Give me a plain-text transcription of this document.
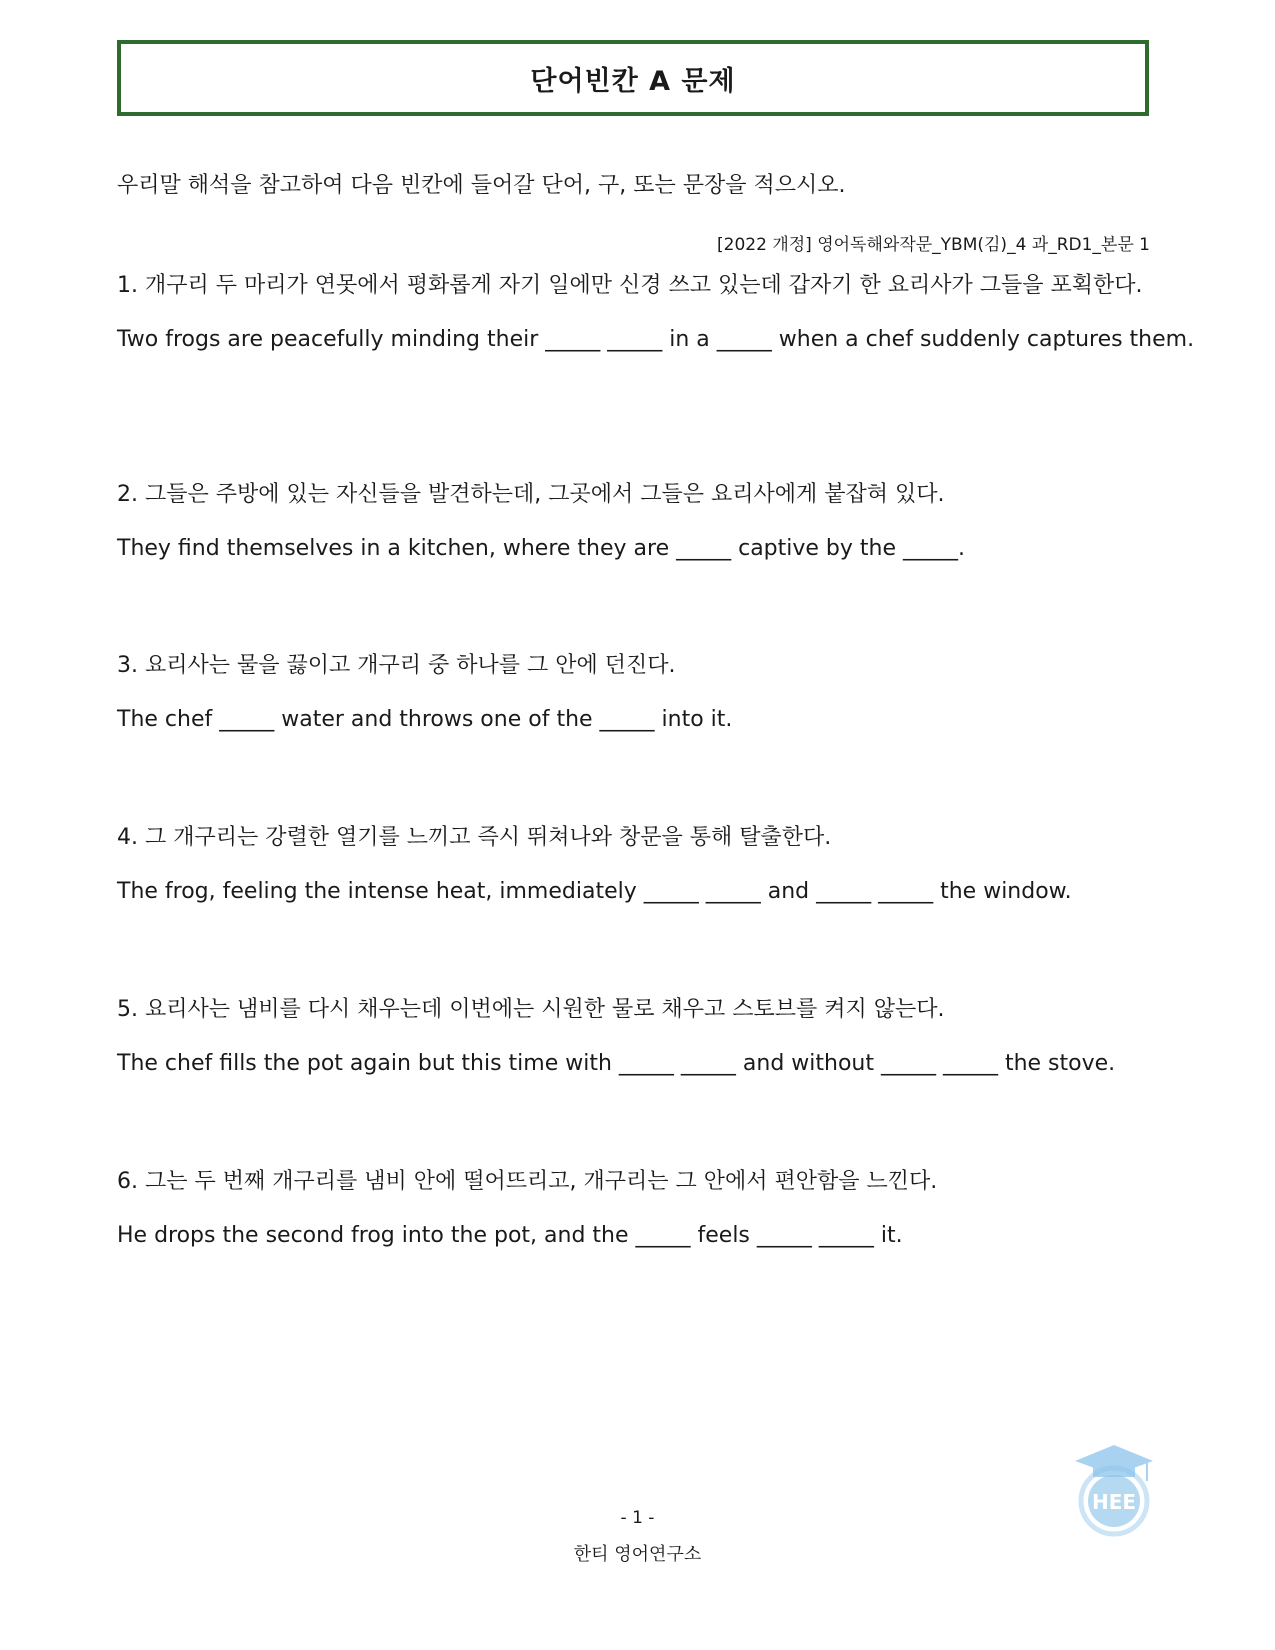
단어빈칸 A 문제
우리말 해석을 참고하여 다음 빈칸에 들어갈 단어, 구, 또는 문장을 적으시오.
[2022 개정] 영어독해와작문_YBM(김)_4 과_RD1_본문 1
1. 개구리 두 마리가 연못에서 평화롭게 자기 일에만 신경 쓰고 있는데 갑자기 한 요리사가 그들을 포획한다.
Two frogs are peacefully minding their _____ _____ in a _____ when a chef suddenly captures them.
2. 그들은 주방에 있는 자신들을 발견하는데, 그곳에서 그들은 요리사에게 붙잡혀 있다.
They find themselves in a kitchen, where they are _____ captive by the _____.
3. 요리사는 물을 끓이고 개구리 중 하나를 그 안에 던진다.
The chef _____ water and throws one of the _____ into it.
4. 그 개구리는 강렬한 열기를 느끼고 즉시 뛰쳐나와 창문을 통해 탈출한다.
The frog, feeling the intense heat, immediately _____ _____ and _____ _____ the window.
5. 요리사는 냄비를 다시 채우는데 이번에는 시원한 물로 채우고 스토브를 켜지 않는다.
The chef fills the pot again but this time with _____ _____ and without _____ _____ the stove.
6. 그는 두 번째 개구리를 냄비 안에 떨어뜨리고, 개구리는 그 안에서 편안함을 느낀다.
He drops the second frog into the pot, and the _____ feels _____ _____ it.
HEE
- 1 -
한티 영어연구소
